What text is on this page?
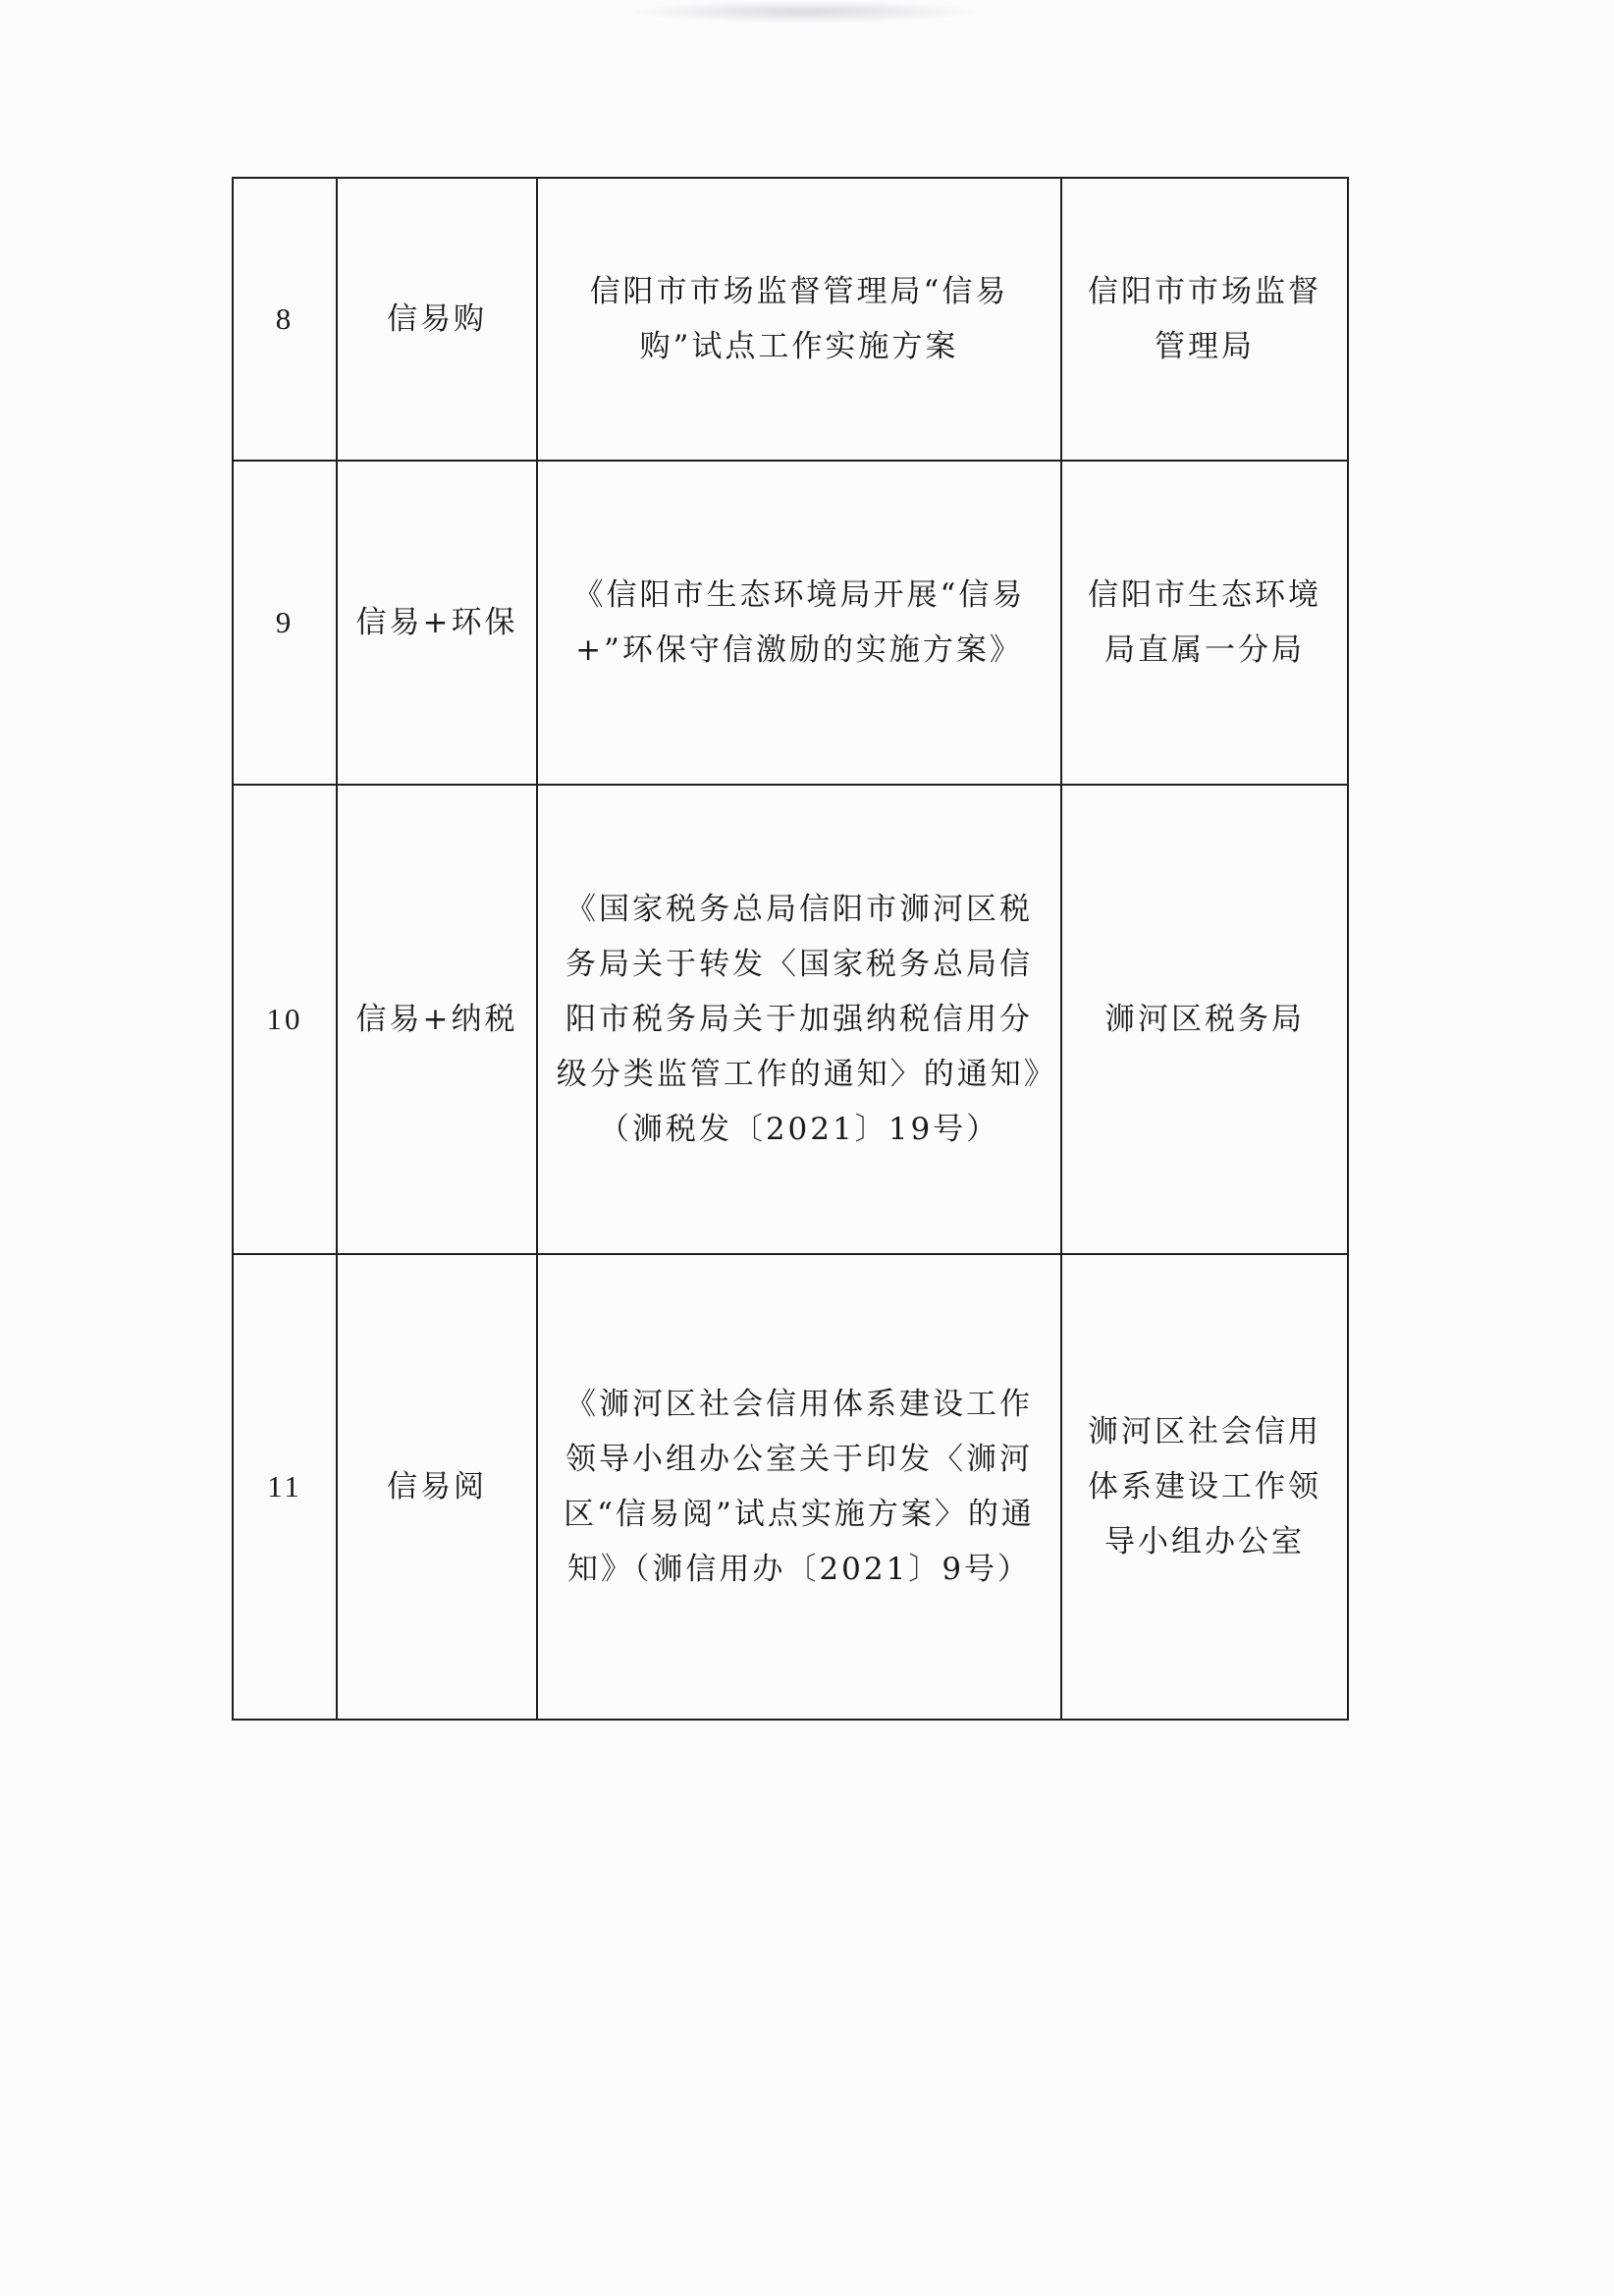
8	信易购	信阳市市场监督管理局“信易购”试点工作实施方案	信阳市市场监督管理局
9	信易+环保	《信阳市生态环境局开展“信易+”环保守信激励的实施方案》	信阳市生态环境局直属一分局
10	信易+纳税	《国家税务总局信阳市浉河区税务局关于转发〈国家税务总局信阳市税务局关于加强纳税信用分级分类监管工作的通知〉的通知》（浉税发〔2021〕19号）	浉河区税务局
11	信易阅	《浉河区社会信用体系建设工作领导小组办公室关于印发〈浉河区“信易阅”试点实施方案〉的通知》（浉信用办〔2021〕9号）	浉河区社会信用体系建设工作领导小组办公室
